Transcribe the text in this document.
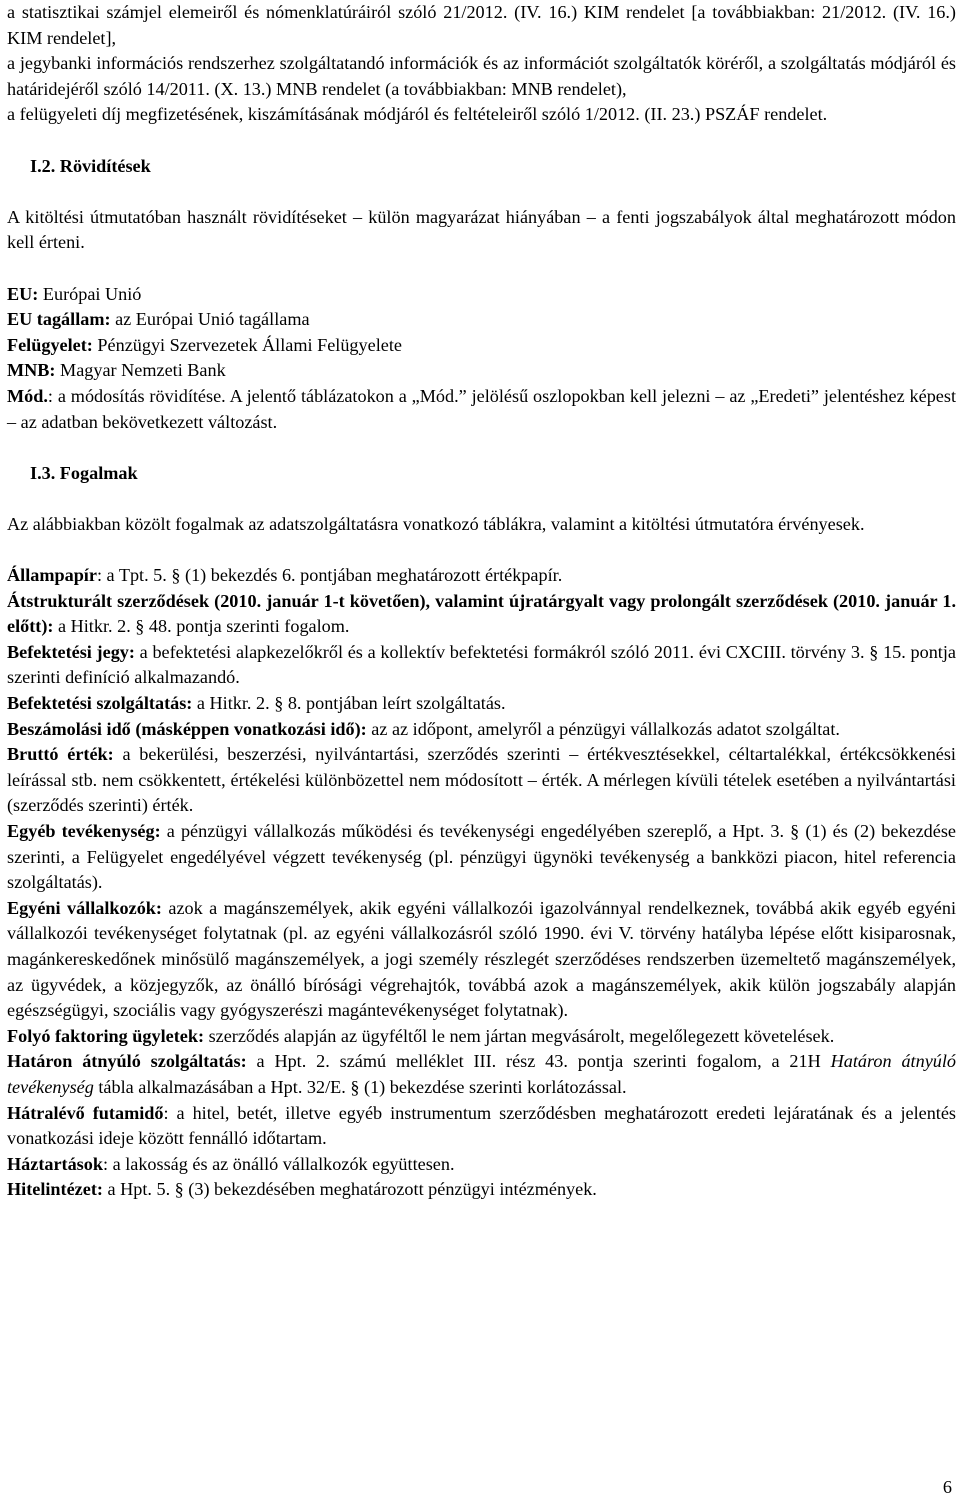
a statisztikai számjel elemeiről és nómenklatúráiról szóló 21/2012. (IV. 16.) KIM rendelet [a továbbiakban: 21/2012. (IV. 16.) KIM rendelet],

a jegybanki információs rendszerhez szolgáltatandó információk és az információt szolgáltatók köréről, a szolgáltatás módjáról és határidejéről szóló 14/2011. (X. 13.) MNB rendelet (a továbbiakban: MNB rendelet),

a felügyeleti díj megfizetésének, kiszámításának módjáról és feltételeiről szóló 1/2012. (II. 23.) PSZÁF rendelet.

I.2. Rövidítések

A kitöltési útmutatóban használt rövidítéseket – külön magyarázat hiányában – a fenti jogszabályok által meghatározott módon kell érteni.

EU: Európai Unió

EU tagállam: az Európai Unió tagállama

Felügyelet: Pénzügyi Szervezetek Állami Felügyelete

MNB: Magyar Nemzeti Bank

Mód.: a módosítás rövidítése. A jelentő táblázatokon a „Mód.” jelölésű oszlopokban kell jelezni – az „Eredeti” jelentéshez képest – az adatban bekövetkezett változást.

I.3. Fogalmak

Az alábbiakban közölt fogalmak az adatszolgáltatásra vonatkozó táblákra, valamint a kitöltési útmutatóra érvényesek.

Állampapír: a Tpt. 5. § (1) bekezdés 6. pontjában meghatározott értékpapír.

Átstrukturált szerződések (2010. január 1-t követően), valamint újratárgyalt vagy prolongált szerződések (2010. január 1. előtt): a Hitkr. 2. § 48. pontja szerinti fogalom.

Befektetési jegy: a befektetési alapkezelőkről és a kollektív befektetési formákról szóló 2011. évi CXCIII. törvény 3. § 15. pontja szerinti definíció alkalmazandó.

Befektetési szolgáltatás: a Hitkr. 2. § 8. pontjában leírt szolgáltatás.

Beszámolási idő (másképpen vonatkozási idő): az az időpont, amelyről a pénzügyi vállalkozás adatot szolgáltat.

Bruttó érték: a bekerülési, beszerzési, nyilvántartási, szerződés szerinti – értékvesztésekkel, céltartalékkal, értékcsökkenési leírással stb. nem csökkentett, értékelési különbözettel nem módosított – érték. A mérlegen kívüli tételek esetében a nyilvántartási (szerződés szerinti) érték.

Egyéb tevékenység: a pénzügyi vállalkozás működési és tevékenységi engedélyében szereplő, a Hpt. 3. § (1) és (2) bekezdése szerinti, a Felügyelet engedélyével végzett tevékenység (pl. pénzügyi ügynöki tevékenység a bankközi piacon, hitel referencia szolgáltatás).

Egyéni vállalkozók: azok a magánszemélyek, akik egyéni vállalkozói igazolvánnyal rendelkeznek, továbbá akik egyéb egyéni vállalkozói tevékenységet folytatnak (pl. az egyéni vállalkozásról szóló 1990. évi V. törvény hatályba lépése előtt kisiparosnak, magánkereskedőnek minősülő magánszemélyek, a jogi személy részlegét szerződéses rendszerben üzemeltető magánszemélyek, az ügyvédek, a közjegyzők, az önálló bírósági végrehajtók, továbbá azok a magánszemélyek, akik külön jogszabály alapján egészségügyi, szociális vagy gyógyszerészi magántevékenységet folytatnak).

Folyó faktoring ügyletek: szerződés alapján az ügyféltől le nem jártan megvásárolt, megelőlegezett követelések.

Határon átnyúló szolgáltatás: a Hpt. 2. számú melléklet III. rész 43. pontja szerinti fogalom, a 21H Határon átnyúló tevékenység tábla alkalmazásában a Hpt. 32/E. § (1) bekezdése szerinti korlátozással.

Hátralévő futamidő: a hitel, betét, illetve egyéb instrumentum szerződésben meghatározott eredeti lejáratának és a jelentés vonatkozási ideje között fennálló időtartam.

Háztartások: a lakosság és az önálló vállalkozók együttesen.

Hitelintézet: a Hpt. 5. § (3) bekezdésében meghatározott pénzügyi intézmények.

6
